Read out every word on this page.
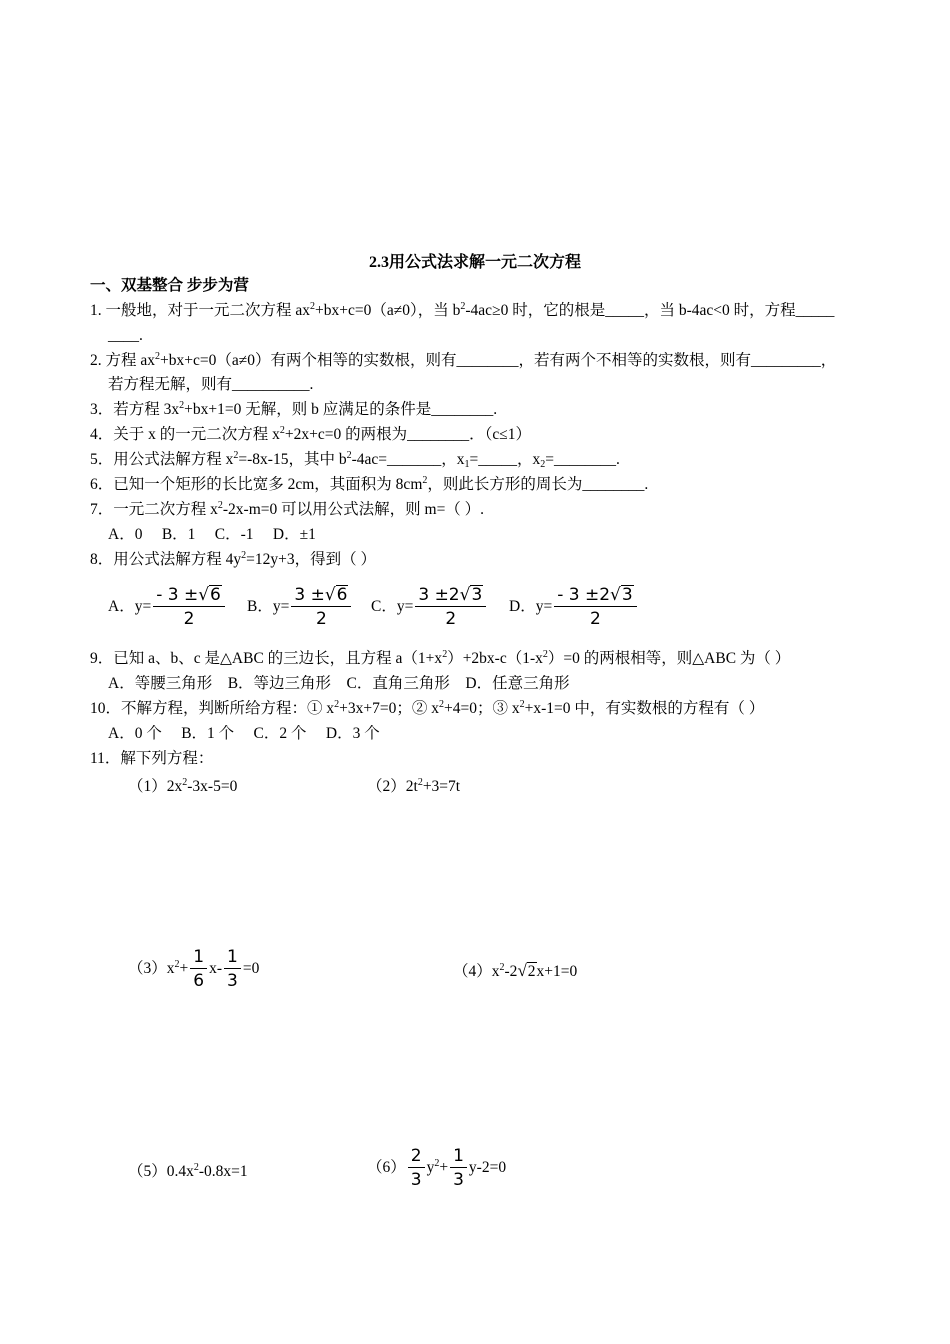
2.3用公式法求解一元二次方程
一、双基整合 步步为营
1. 一般地，对于一元二次方程 $ax^2+bx+c=0(a\ne 0)$，当 $b^2-4ac\ge 0$ 时，它的根是_____，当 b-4ac<0 时，方程_____
____.
2. 方程 $ax^2+bx+c=0(a\ne 0)$有两个相等的实数根，则有________，若有两个不相等的实数根，则有_________，
若方程无解，则有__________.
3．若方程 $3x^2+bx+1=0$ 无解，则 b 应满足的条件是________.
4．关于 x 的一元二次方程 $x^2+2x+c=0$ 的两根为________．（c≤1）
5．用公式法解方程 $x^2=-8x-15$，其中 $b^2-4ac=\_\_\_\_\_\_\_$，$x_1=\_\_\_\_\_$，$x_2=\_\_\_\_\_\_\_\_$.
6．已知一个矩形的长比宽多 2cm，其面积为 $8cm^2$，则此长方形的周长为________.
7．一元二次方程 $x^2-2x-m=0$ 可以用公式法解，则 m=（ ）.
A．0　 B．1　 C．-1　 D．±1
8．用公式法解方程 $4y^2=12y+3$，得到（ ）
A．$y= \frac{- 3 \pm√6}{2}$ B．$y= \frac{3 \pm√6}{2}$ C．$y= \frac{3 \pm 2√3}{2}$ D．$y= \frac{- 3 \pm 2√3}{2}$
9．已知 a、b、c 是△ABC 的三边长，且方程 $a(1+x^2)+2bx-c(1-x^2)=0$ 的两根相等，则△ABC 为（ ）
A．等腰三角形　B．等边三角形　C．直角三角形　D．任意三角形
10．不解方程，判断所给方程：① $x^2+3x+7=0$；② $x^2+4=0$；③ $x^2+x-1=0$ 中，有实数根的方程有（ ）
A．0 个　 B．1 个　 C．2 个　 D．3 个
11．解下列方程：
$(1)2x^2-3x-5=0$	$(2)2t^2+3=7t$
$(3)x^2+ \frac{1}{6} x- \frac{1}{3} =0$	$(4)x^2-2√2x+1=0$
$(5)0.4x^2-0.8x=1$	$(6) \frac{2}{3} y^2+ \frac{1}{3} y-2=0$
